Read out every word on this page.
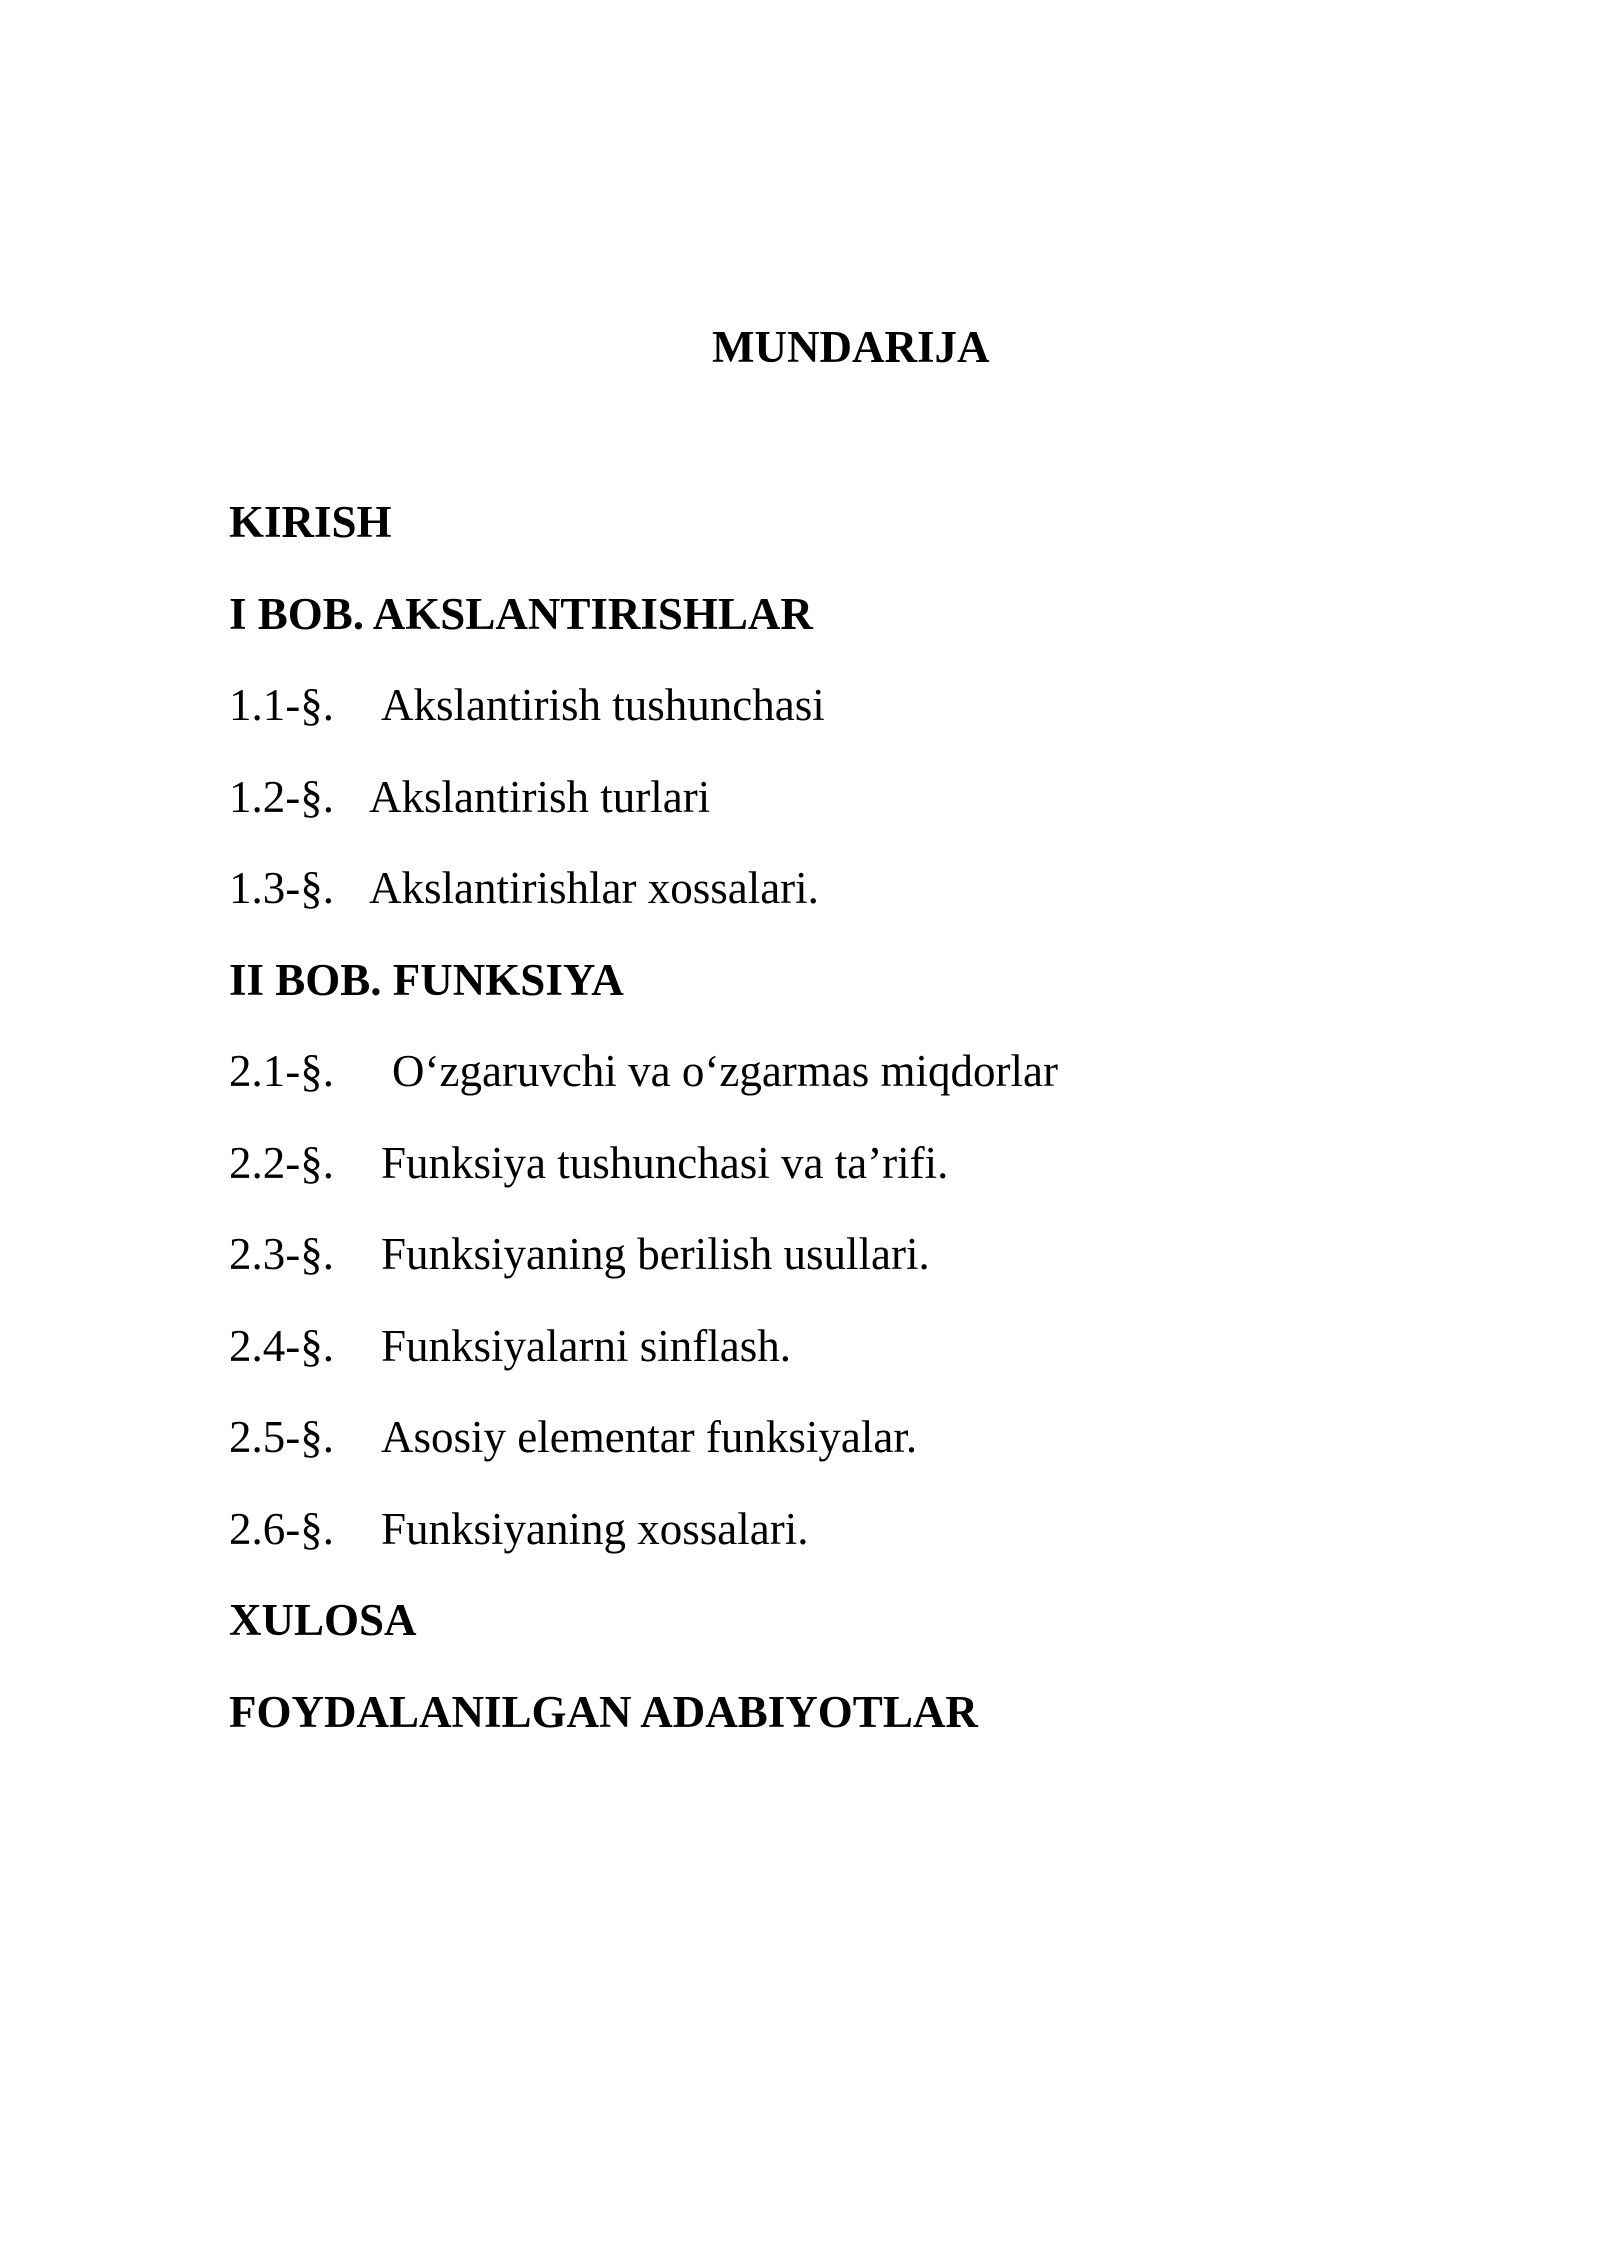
MUNDARIJA
KIRISH
I BOB. AKSLANTIRISHLAR
1.1-§.	Akslantirish tushunchasi
1.2-§. Akslantirish turlari
1.3-§. Akslantirishlar xossalari.
II BOB. FUNKSIYA
2.1-§.	O‘zgaruvchi va o‘zgarmas miqdorlar
2.2-§.	Funksiya tushunchasi va ta’rifi.
2.3-§.	Funksiyaning berilish usullari.
2.4-§.	Funksiyalarni sinflash.
2.5-§.	Asosiy elementar funksiyalar.
2.6-§.	Funksiyaning xossalari.
XULOSA
FOYDALANILGAN ADABIYOTLAR
